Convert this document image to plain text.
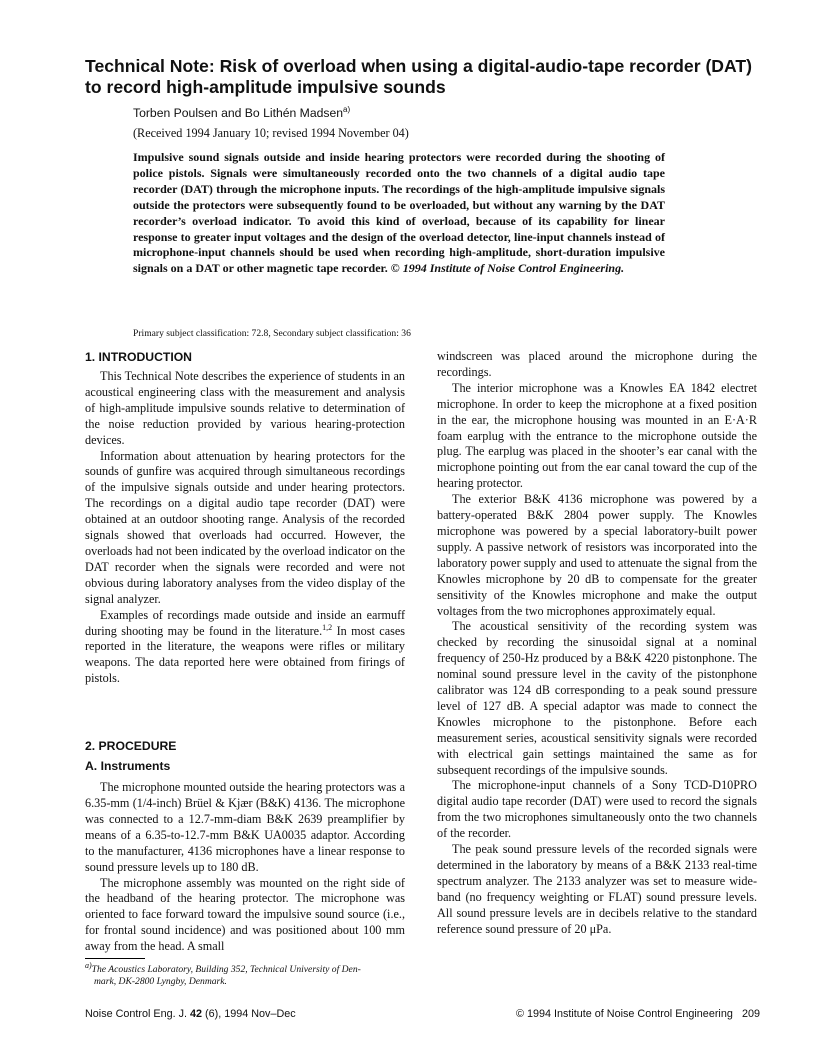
Technical Note: Risk of overload when using a digital-audio-tape recorder (DAT) to record high-amplitude impulsive sounds
Torben Poulsen and Bo Lithén Madsen$^{a)}$
(Received 1994 January 10; revised 1994 November 04)

Impulsive sound signals outside and inside hearing protectors were recorded during the shooting of police pistols. Signals were simultaneously recorded onto the two channels of a digital audio tape recorder (DAT) through the microphone inputs. The recordings of the high-amplitude impulsive signals outside the protectors were subsequently found to be overloaded, but without any warning by the DAT recorder’s overload indicator. To avoid this kind of overload, because of its capability for linear response to greater input voltages and the design of the overload detector, line-input channels instead of microphone-input channels should be used when recording high-amplitude, short-duration impulsive signals on a DAT or other magnetic tape recorder. © 1994 Institute of Noise Control Engineering.

Primary subject classification: 72.8, Secondary subject classification: 36
1. INTRODUCTION

This Technical Note describes the experience of students in an acoustical engineering class with the measurement and analysis of high-amplitude impulsive sounds relative to determination of the noise reduction provided by various hearing-protection devices.

Information about attenuation by hearing protectors for the sounds of gunfire was acquired through simultaneous recordings of the impulsive signals outside and under hearing protectors. The recordings on a digital audio tape recorder (DAT) were obtained at an outdoor shooting range. Analysis of the recorded signals showed that overloads had occurred. However, the overloads had not been indicated by the overload indicator on the DAT recorder when the signals were recorded and were not obvious during laboratory analyses from the video display of the signal analyzer.

Examples of recordings made outside and inside an earmuff during shooting may be found in the literature.$^{1,2}$ In most cases reported in the literature, the weapons were rifles or military weapons. The data reported here were obtained from firings of pistols.

2. PROCEDURE
A. Instruments

The microphone mounted outside the hearing protectors was a 6.35-mm (1/4-inch) Brüel & Kjær (B&K) 4136. The microphone was connected to a 12.7-mm-diam B&K 2639 preamplifier by means of a 6.35-to-12.7-mm B&K UA0035 adaptor. According to the manufacturer, 4136 microphones have a linear response to sound pressure levels up to 180 dB.

The microphone assembly was mounted on the right side of the headband of the hearing protector. The microphone was oriented to face forward toward the impulsive sound source (i.e., for frontal sound incidence) and was positioned about 100 mm away from the head. A small

windscreen was placed around the microphone during the recordings.

The interior microphone was a Knowles EA 1842 electret microphone. In order to keep the microphone at a fixed position in the ear, the microphone housing was mounted in an E·A·R foam earplug with the entrance to the microphone outside the plug. The earplug was placed in the shooter’s ear canal with the microphone pointing out from the ear canal toward the cup of the hearing protector.

The exterior B&K 4136 microphone was powered by a battery-operated B&K 2804 power supply. The Knowles microphone was powered by a special laboratory-built power supply. A passive network of resistors was incorporated into the laboratory power supply and used to attenuate the signal from the Knowles microphone by 20 dB to compensate for the greater sensitivity of the Knowles microphone and make the output voltages from the two microphones approximately equal.

The acoustical sensitivity of the recording system was checked by recording the sinusoidal signal at a nominal frequency of 250-Hz produced by a B&K 4220 pistonphone. The nominal sound pressure level in the cavity of the pistonphone calibrator was 124 dB corresponding to a peak sound pressure level of 127 dB. A special adaptor was made to connect the Knowles microphone to the pistonphone. Before each measurement series, acoustical sensitivity signals were recorded with electrical gain settings maintained the same as for subsequent recordings of the impulsive sounds.

The microphone-input channels of a Sony TCD-D10PRO digital audio tape recorder (DAT) were used to record the signals from the two microphones simultaneously onto the two channels of the recorder.

The peak sound pressure levels of the recorded signals were determined in the laboratory by means of a B&K 2133 real-time spectrum analyzer. The 2133 analyzer was set to measure wide-band (no frequency weighting or FLAT) sound pressure levels. All sound pressure levels are in decibels relative to the standard reference sound pressure of 20 μPa.

$^{a)}$The Acoustics Laboratory, Building 352, Technical University of Den-
mark, DK-2800 Lyngby, Denmark.
Noise Control Eng. J. 42 (6), 1994 Nov–Dec	© 1994 Institute of Noise Control Engineering 209
